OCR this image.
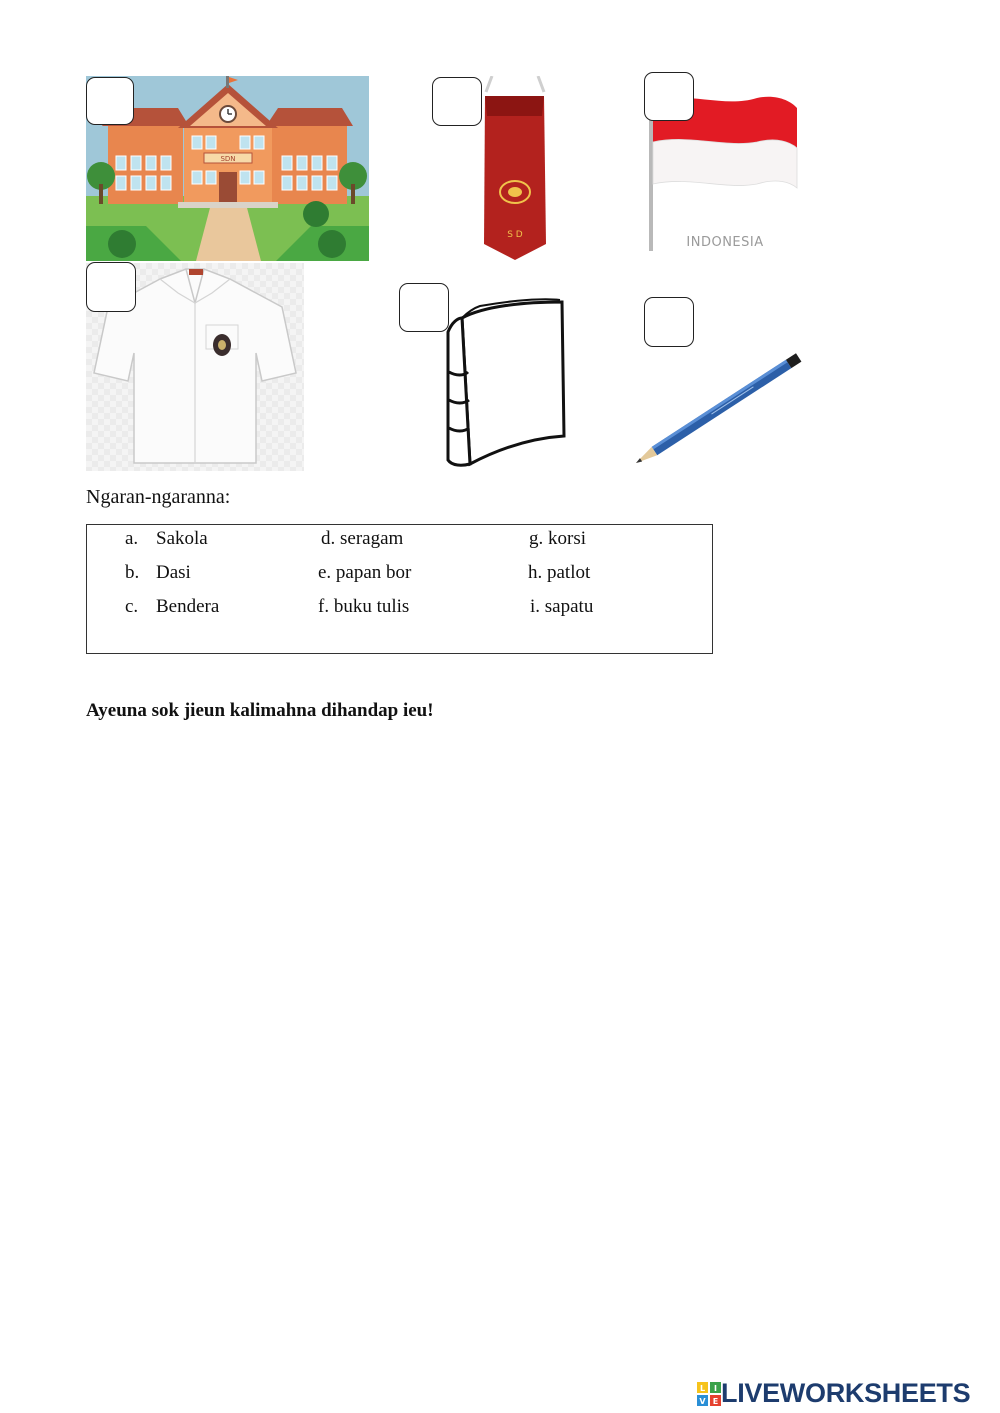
SDN
S D	INDONESIA
Ngaran-ngaranna:
a. Sakola
b. Dasi
c. Bendera
d. seragam
e. papan bor
f. buku tulis
g. korsi
h. patlot
i. sapatu
Ayeuna sok jieun kalimahna dihandap ieu!
L I
V E LIVEWORKSHEETS
